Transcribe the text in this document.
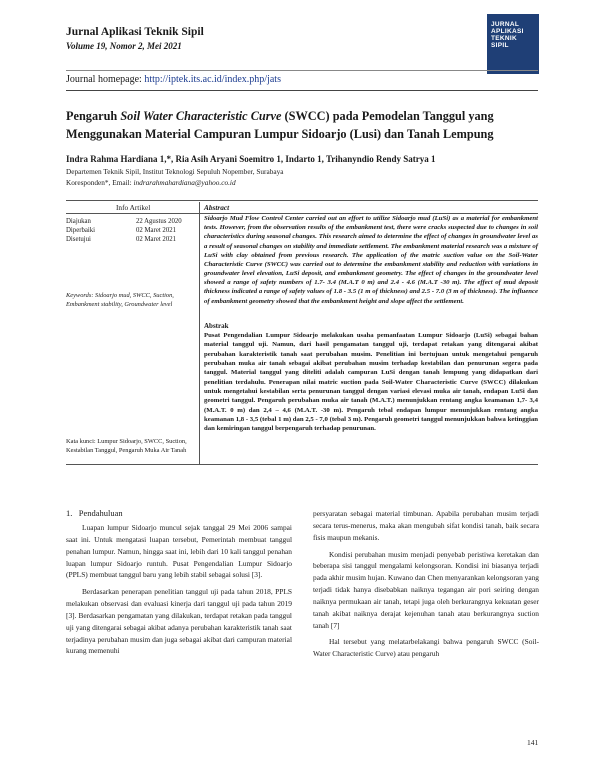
Jurnal Aplikasi Teknik Sipil
Volume 19, Nomor 2, Mei 2021
JURNAL APLIKASI TEKNIK SIPIL
Journal homepage: http://iptek.its.ac.id/index.php/jats
Pengaruh Soil Water Characteristic Curve (SWCC) pada Pemodelan Tanggul yang Menggunakan Material Campuran Lumpur Sidoarjo (Lusi) dan Tanah Lempung
Indra Rahma Hardiana 1,*, Ria Asih Aryani Soemitro 1, Indarto 1, Trihanyndio Rendy Satrya 1
Departemen Teknik Sipil, Institut Teknologi Sepuluh Nopember, Surabaya
Koresponden*, Email: indrarahmahardiana@yahoo.co.id
Info Artikel	Abstract
Diajukan	22 Agustus 2020
Diperbaiki	02 Maret 2021
Disetujui	02 Maret 2021
Keywords: Sidoarjo mud, SWCC, Suction, Embankment stability, Groundwater level
Kata kunci: Lumpur Sidoarjo, SWCC, Suction, Kestabilan Tanggul, Pengaruh Muka Air Tanah
Sidoarjo Mud Flow Control Center carried out an effort to utilize Sidoarjo mud (LuSi) as a material for embankment tests. However, from the observation results of the embankment test, there were cracks suspected due to changes in soil characteristics during seasonal changes. This research aimed to determine the effect of changes in groundwater level as a result of seasonal changes on stability and immediate settlement. The embankment material research was a mixture of LuSi with clay obtained from previous research. The application of the matric suction value on the Soil-Water Characteristic Curve (SWCC) was carried out to determine the embankment stability and reduction with variations in groundwater level elevation, LuSi deposit, and embankment geometry. The effect of changes in the groundwater level showed a range of safety numbers of 1.7- 3.4 (M.A.T 0 m) and 2.4 - 4.6 (M.A.T -30 m). The effect of mud deposit thickness indicated a range of safety values of 1.8 - 3.5 (1 m of thickness) and 2.5 - 7.0 (3 m of thickness). The influence of embankment geometry showed that the embankment height and slope affect the settlement.
Abstrak
Pusat Pengendalian Lumpur Sidoarjo melakukan usaha pemanfaatan Lumpur Sidoarjo (LuSi) sebagai bahan material tanggul uji. Namun, dari hasil pengamatan tanggul uji, terdapat retakan yang ditengarai akibat perubahan karakteristik tanah saat perubahan musim. Penelitian ini bertujuan untuk mengetahui pengaruh perubahan muka air tanah sebagai akibat perubahan musim terhadap kestabilan dan penurunan segera pada tanggul. Material tanggul yang diteliti adalah campuran LuSi dengan tanah lempung yang didapatkan dari penelitian terdahulu. Penerapan nilai matric suction pada Soil-Water Characteristic Curve (SWCC) dilakukan untuk mengetahui kestabilan serta penurunan tanggul dengan variasi elevasi muka air tanah, endapan LuSi dan geometri tanggul. Pengaruh perubahan muka air tanah (M.A.T.) menunjukkan rentang angka keamanan 1,7- 3,4 (M.A.T. 0 m) dan 2,4 – 4,6 (M.A.T. -30 m). Pengaruh tebal endapan lumpur menunjukkan rentang angka keamanan 1,8 - 3,5 (tebal 1 m) dan 2,5 - 7,0 (tebal 3 m). Pengaruh geometri tanggul menunjukkan bahwa ketinggian dan kemiringan tanggul berpengaruh terhadap penurunan.
1. Pendahuluan

Luapan lumpur Sidoarjo muncul sejak tanggal 29 Mei 2006 sampai saat ini. Untuk mengatasi luapan tersebut, Pemerintah membuat tanggul penahan lumpur. Namun, hingga saat ini, lebih dari 10 kali tanggul penahan luapan lumpur Sidoarjo runtuh. Pusat Pengendalian Lumpur Sidoarjo (PPLS) membuat tanggul baru yang lebih stabil sebagai solusi [3].

Berdasarkan penerapan penelitian tanggul uji pada tahun 2018, PPLS melakukan observasi dan evaluasi kinerja dari tanggul uji pada tahun 2019 [3]. Berdasarkan pengamatan yang dilakukan, terdapat retakan pada tanggul uji yang ditengarai sebagai akibat adanya perubahan karakteristik tanah saat terjadinya perubahan musim dan juga sebagai akibat dari campuran material kurang memenuhi

persyaratan sebagai material timbunan. Apabila perubahan musim terjadi secara terus-menerus, maka akan mengubah sifat kondisi tanah, baik secara fisis maupun mekanis.

Kondisi perubahan musim menjadi penyebab peristiwa keretakan dan beberapa sisi tanggul mengalami kelongsoran. Kondisi ini biasanya terjadi pada akhir musim hujan. Kuwano dan Chen menyarankan kelongsoran yang terjadi tidak hanya disebabkan naiknya tegangan air pori seiring dengan naiknya permukaan air tanah, tetapi juga oleh berkurangnya kekuatan geser tanah akibat naiknya derajat kejenuhan tanah atau berkurangnya suction tanah [7]

Hal tersebut yang melatarbelakangi bahwa pengaruh SWCC (Soil-Water Characteristic Curve) atau pengaruh

141
